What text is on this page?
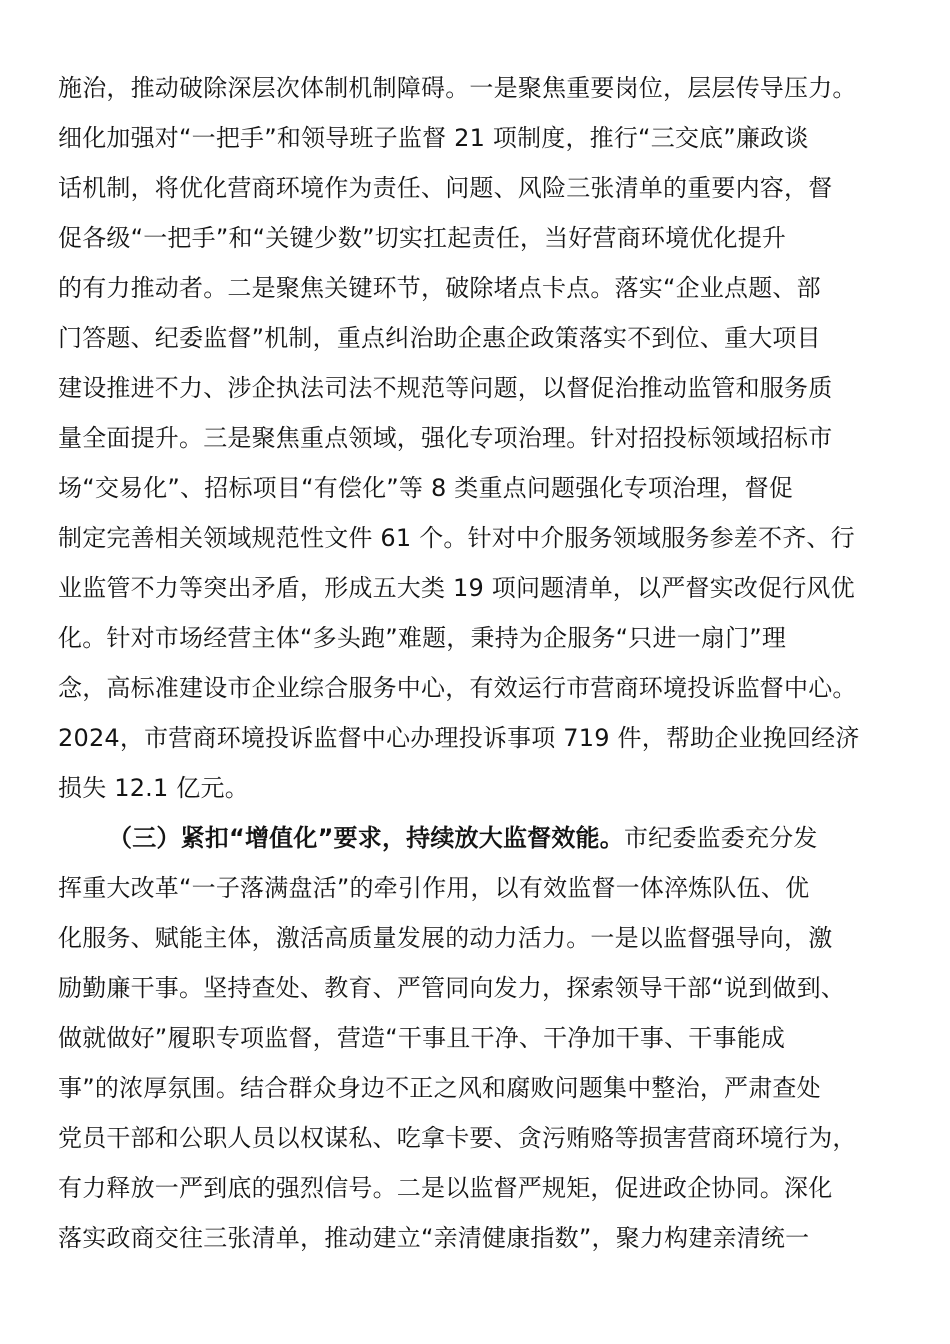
施治，推动破除深层次体制机制障碍。一是聚焦重要岗位，层层传导压力。
细化加强对“一把手”和领导班子监督 21 项制度，推行“三交底”廉政谈
话机制，将优化营商环境作为责任、问题、风险三张清单的重要内容，督
促各级“一把手”和“关键少数”切实扛起责任，当好营商环境优化提升
的有力推动者。二是聚焦关键环节，破除堵点卡点。落实“企业点题、部
门答题、纪委监督”机制，重点纠治助企惠企政策落实不到位、重大项目
建设推进不力、涉企执法司法不规范等问题，以督促治推动监管和服务质
量全面提升。三是聚焦重点领域，强化专项治理。针对招投标领域招标市
场“交易化”、招标项目“有偿化”等 8 类重点问题强化专项治理，督促
制定完善相关领域规范性文件 61 个。针对中介服务领域服务参差不齐、行
业监管不力等突出矛盾，形成五大类 19 项问题清单，以严督实改促行风优
化。针对市场经营主体“多头跑”难题，秉持为企服务“只进一扇门”理
念，高标准建设市企业综合服务中心，有效运行市营商环境投诉监督中心。
2024，市营商环境投诉监督中心办理投诉事项 719 件，帮助企业挽回经济
损失 12.1 亿元。
（三）紧扣“增值化”要求，持续放大监督效能。市纪委监委充分发
挥重大改革“一子落满盘活”的牵引作用，以有效监督一体淬炼队伍、优
化服务、赋能主体，激活高质量发展的动力活力。一是以监督强导向，激
励勤廉干事。坚持查处、教育、严管同向发力，探索领导干部“说到做到、
做就做好”履职专项监督，营造“干事且干净、干净加干事、干事能成
事”的浓厚氛围。结合群众身边不正之风和腐败问题集中整治，严肃查处
党员干部和公职人员以权谋私、吃拿卡要、贪污贿赂等损害营商环境行为，
有力释放一严到底的强烈信号。二是以监督严规矩，促进政企协同。深化
落实政商交往三张清单，推动建立“亲清健康指数”，聚力构建亲清统一
